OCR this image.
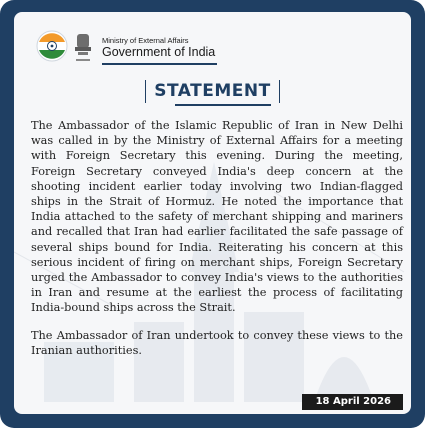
Ministry of External Affairs
Government of India
STATEMENT

The Ambassador of the Islamic Republic of Iran in New Delhi was called in by the Ministry of External Affairs for a meeting with Foreign Secretary this evening. During the meeting, Foreign Secretary conveyed India's deep concern at the shooting incident earlier today involving two Indian-flagged ships in the Strait of Hormuz. He noted the importance that India attached to the safety of merchant shipping and mariners and recalled that Iran had earlier facilitated the safe passage of several ships bound for India. Reiterating his concern at this serious incident of firing on merchant ships, Foreign Secretary urged the Ambassador to convey India's views to the authorities in Iran and resume at the earliest the process of facilitating India-bound ships across the Strait.

The Ambassador of Iran undertook to convey these views to the Iranian authorities.

18 April 2026
